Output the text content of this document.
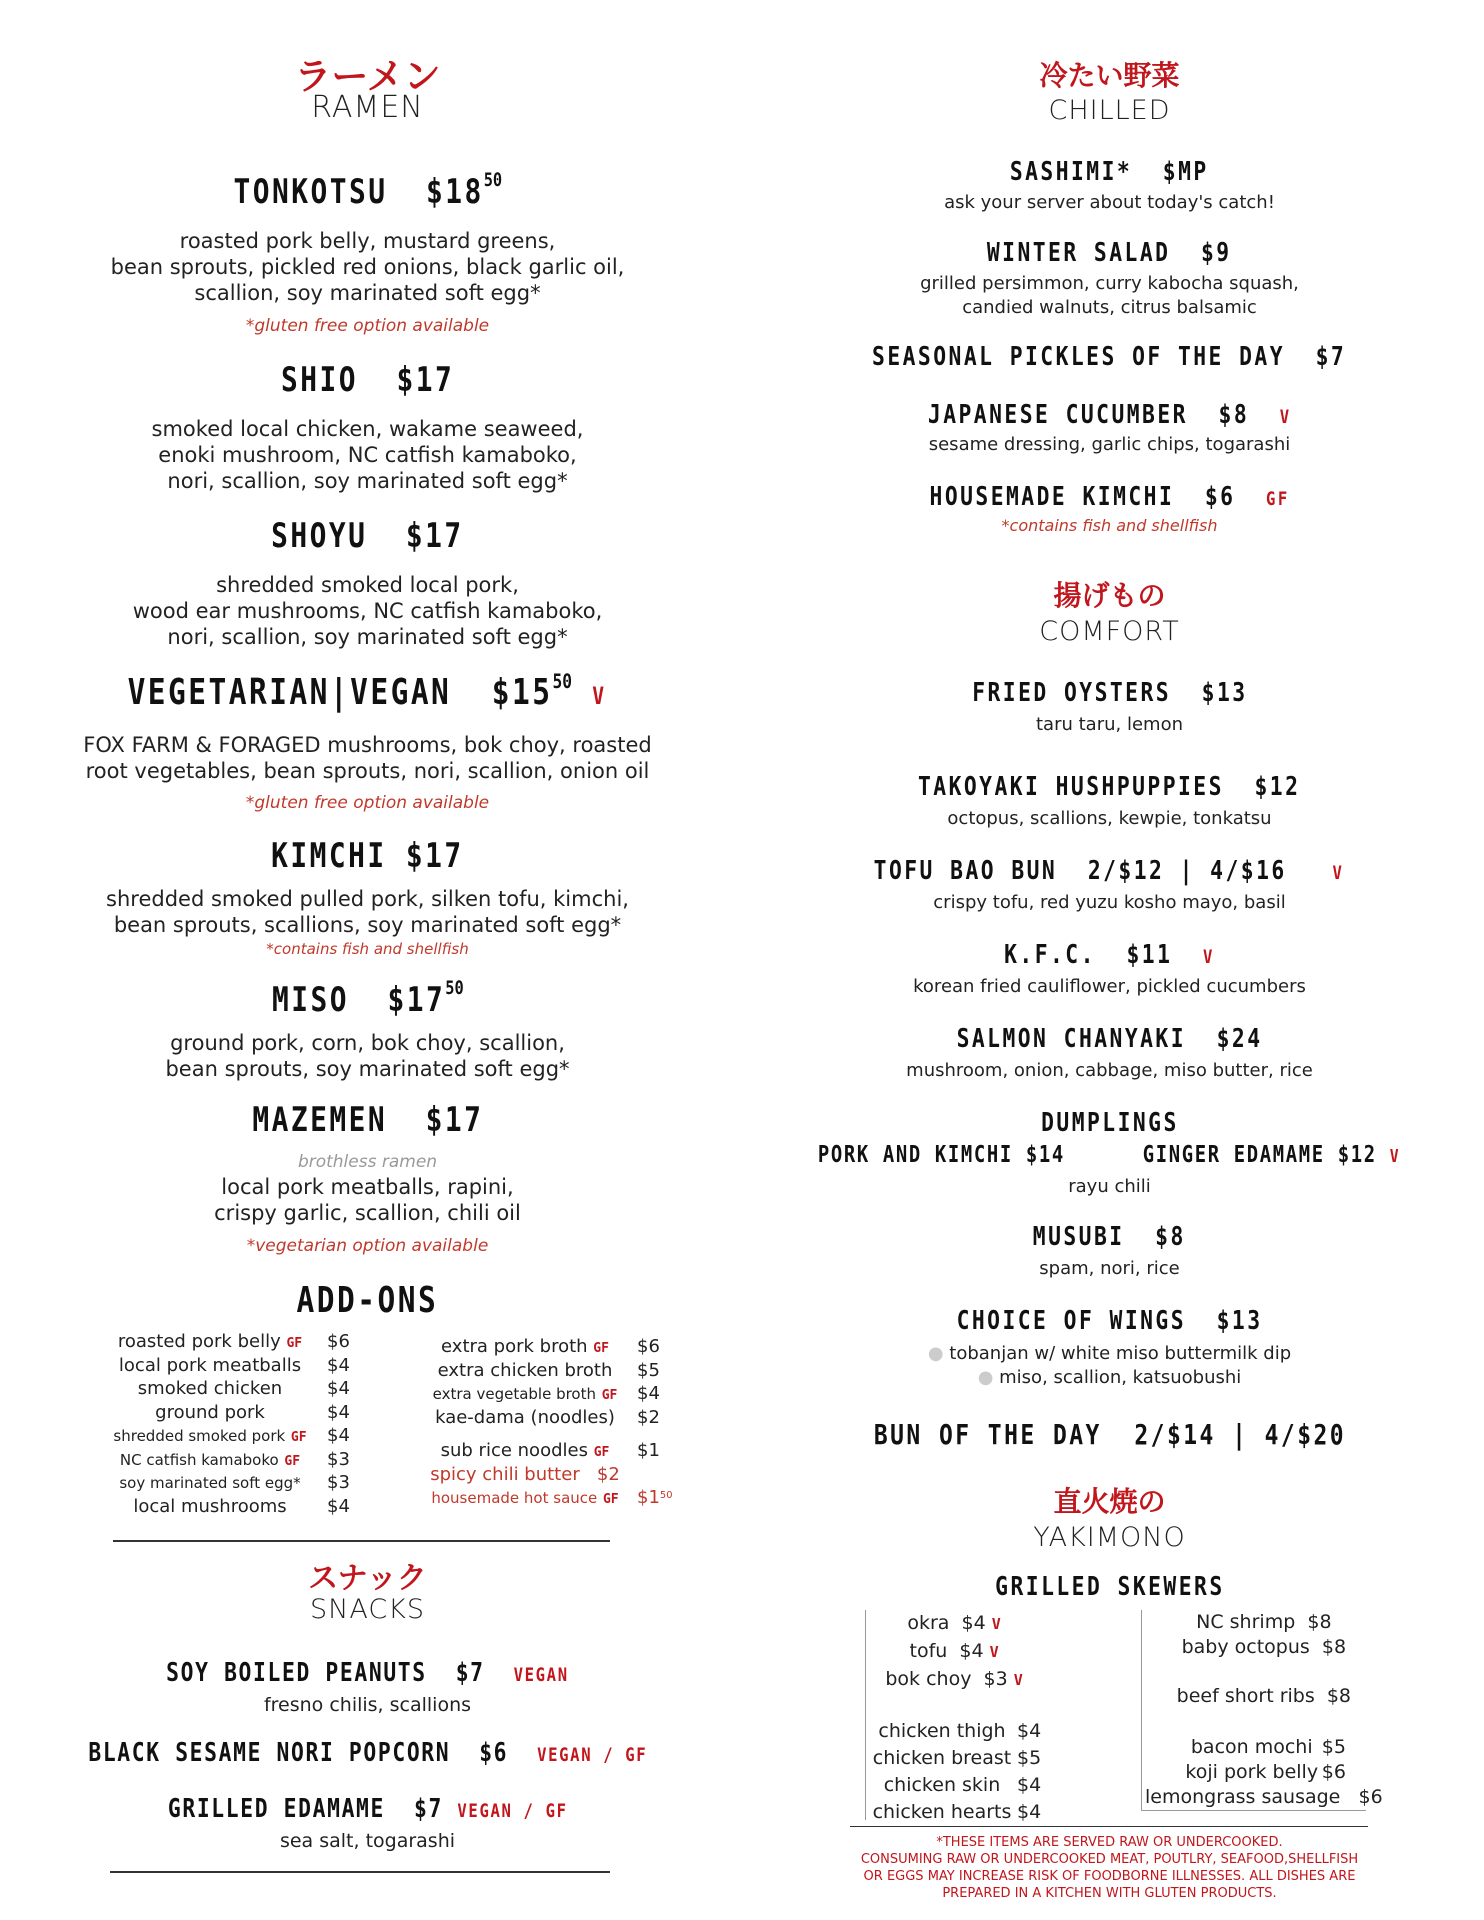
ラーメン
RAMEN
TONKOTSU $\$18^{50}$
roasted pork belly, mustard greens,
bean sprouts, pickled red onions, black garlic oil,
scallion, soy marinated soft egg*
*gluten free option available
SHIO $17
smoked local chicken, wakame seaweed,
enoki mushroom, NC catfish kamaboko,
nori, scallion, soy marinated soft egg*
SHOYU $17
shredded smoked local pork,
wood ear mushrooms, NC catfish kamaboko,
nori, scallion, soy marinated soft egg*
VEGETARIAN|VEGAN $\$15^{50}$ V
FOX FARM & FORAGED mushrooms, bok choy, roasted
root vegetables, bean sprouts, nori, scallion, onion oil
*gluten free option available
KIMCHI $17
shredded smoked pulled pork, silken tofu, kimchi,
bean sprouts, scallions, soy marinated soft egg*
*contains fish and shellfish
MISO $\$17^{50}$
ground pork, corn, bok choy, scallion,
bean sprouts, soy marinated soft egg*
MAZEMEN $17
brothless ramen
local pork meatballs, rapini,
crispy garlic, scallion, chili oil
*vegetarian option available
ADD-ONS
roasted pork belly GF $6
local pork meatballs $4
smoked chicken $4
ground pork	$4
shredded smoked pork GF $4
NC catfish kamaboko GF $3
soy marinated soft egg* $3
local mushrooms $4
extra pork broth GF $6
extra chicken broth $5
extra vegetable broth GF $4
kae-dama (noodles) $2
sub rice noodles GF $1
spicy chili butter $2
housemade hot sauce GF $\$1^{50}$
スナック
SNACKS
SOY BOILED PEANUTS $7 VEGAN
fresno chilis, scallions
BLACK SESAME NORI POPCORN $6 VEGAN / GF
GRILLED EDAMAME $7 VEGAN / GF
sea salt, togarashi
冷たい野菜
CHILLED
SASHIMI* $MP
ask your server about today's catch!
WINTER SALAD $9
grilled persimmon, curry kabocha squash,
candied walnuts, citrus balsamic
SEASONAL PICKLES OF THE DAY $7
JAPANESE CUCUMBER $8 V
sesame dressing, garlic chips, togarashi
HOUSEMADE KIMCHI $6 GF
*contains fish and shellfish
揚げもの
COMFORT
FRIED OYSTERS $13
taru taru, lemon
TAKOYAKI HUSHPUPPIES $12
octopus, scallions, kewpie, tonkatsu
TOFU BAO BUN 2/$12 | 4/$16 V
crispy tofu, red yuzu kosho mayo, basil
K.F.C. $11 V
korean fried cauliflower, pickled cucumbers
SALMON CHANYAKI $24
mushroom, onion, cabbage, miso butter, rice
DUMPLINGS
PORK AND KIMCHI $14	GINGER EDAMAME $12 V
rayu chili
MUSUBI $8
spam, nori, rice
CHOICE OF WINGS $13
● tobanjan w/ white miso buttermilk dip
● miso, scallion, katsuobushi
BUN OF THE DAY 2/$14 | 4/$20
直火焼の
YAKIMONO
GRILLED SKEWERS
okra $4 V
tofu $4 V
bok choy $3 V
chicken thigh $4
chicken breast $5
chicken skin $4
chicken hearts $4
NC shrimp $8
baby octopus $8
beef short ribs $8
bacon mochi $5
koji pork belly $6
lemongrass sausage $6
*THESE ITEMS ARE SERVED RAW OR UNDERCOOKED.
CONSUMING RAW OR UNDERCOOKED MEAT, POUTLRY, SEAFOOD,SHELLFISH
OR EGGS MAY INCREASE RISK OF FOODBORNE ILLNESSES. ALL DISHES ARE
PREPARED IN A KITCHEN WITH GLUTEN PRODUCTS.
